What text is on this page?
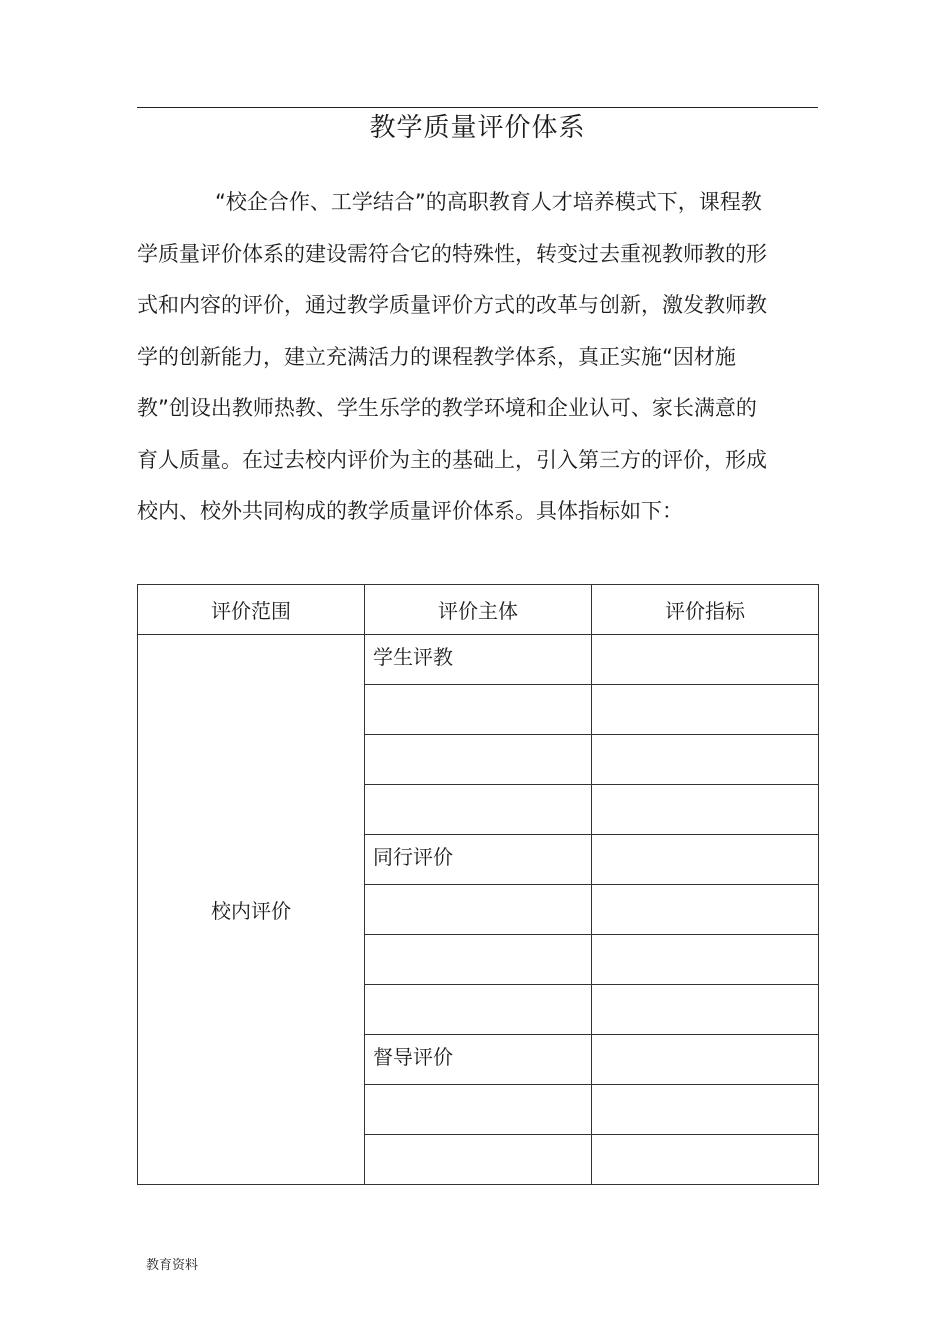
教学质量评价体系
“校企合作、工学结合”的高职教育人才培养模式下，课程教
学质量评价体系的建设需符合它的特殊性，转变过去重视教师教的形
式和内容的评价，通过教学质量评价方式的改革与创新，激发教师教
学的创新能力，建立充满活力的课程教学体系，真正实施“因材施
教”创设出教师热教、学生乐学的教学环境和企业认可、家长满意的
育人质量。在过去校内评价为主的基础上，引入第三方的评价，形成
校内、校外共同构成的教学质量评价体系。具体指标如下：
评价范围	评价主体	评价指标
校内评价	学生评教	

	同行评价	

	督导评价	

教育资料
